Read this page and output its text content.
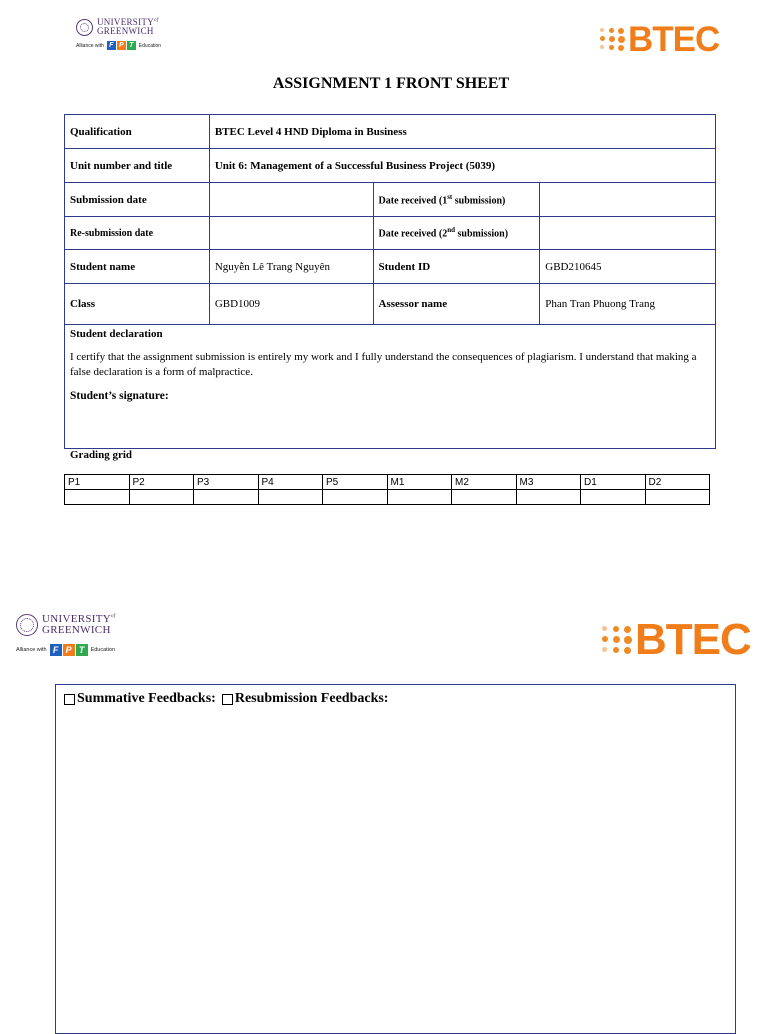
$UNIVERSITY^{of}$
GREENWICH
Alliance with F P T	Education	BTEC
ASSIGNMENT 1 FRONT SHEET
Qualification	BTEC Level 4 HND Diploma in Business		
Unit number and title	Unit 6: Management of a Successful Business Project (5039)		
Submission date		Date received (1st submission)	
Re-submission date		Date received (2nd submission)	
Student name	Nguyễn Lê Trang Nguyên	Student ID	GBD210645
Class	GBD1009	Assessor name	Phan Tran Phuong Trang
Student declaration

I certify that the assignment submission is entirely my work and I fully understand the consequences of plagiarism. I understand that making a false declaration is a form of malpractice.

Student’s signature:
Grading grid
P1	P2	P3	P4	P5	M1	M2	M3	D1	D2

$UNIVERSITY^{of}$
GREENWICH
Alliance with F P T	Education	BTEC
Summative Feedbacks: Resubmission Feedbacks:
